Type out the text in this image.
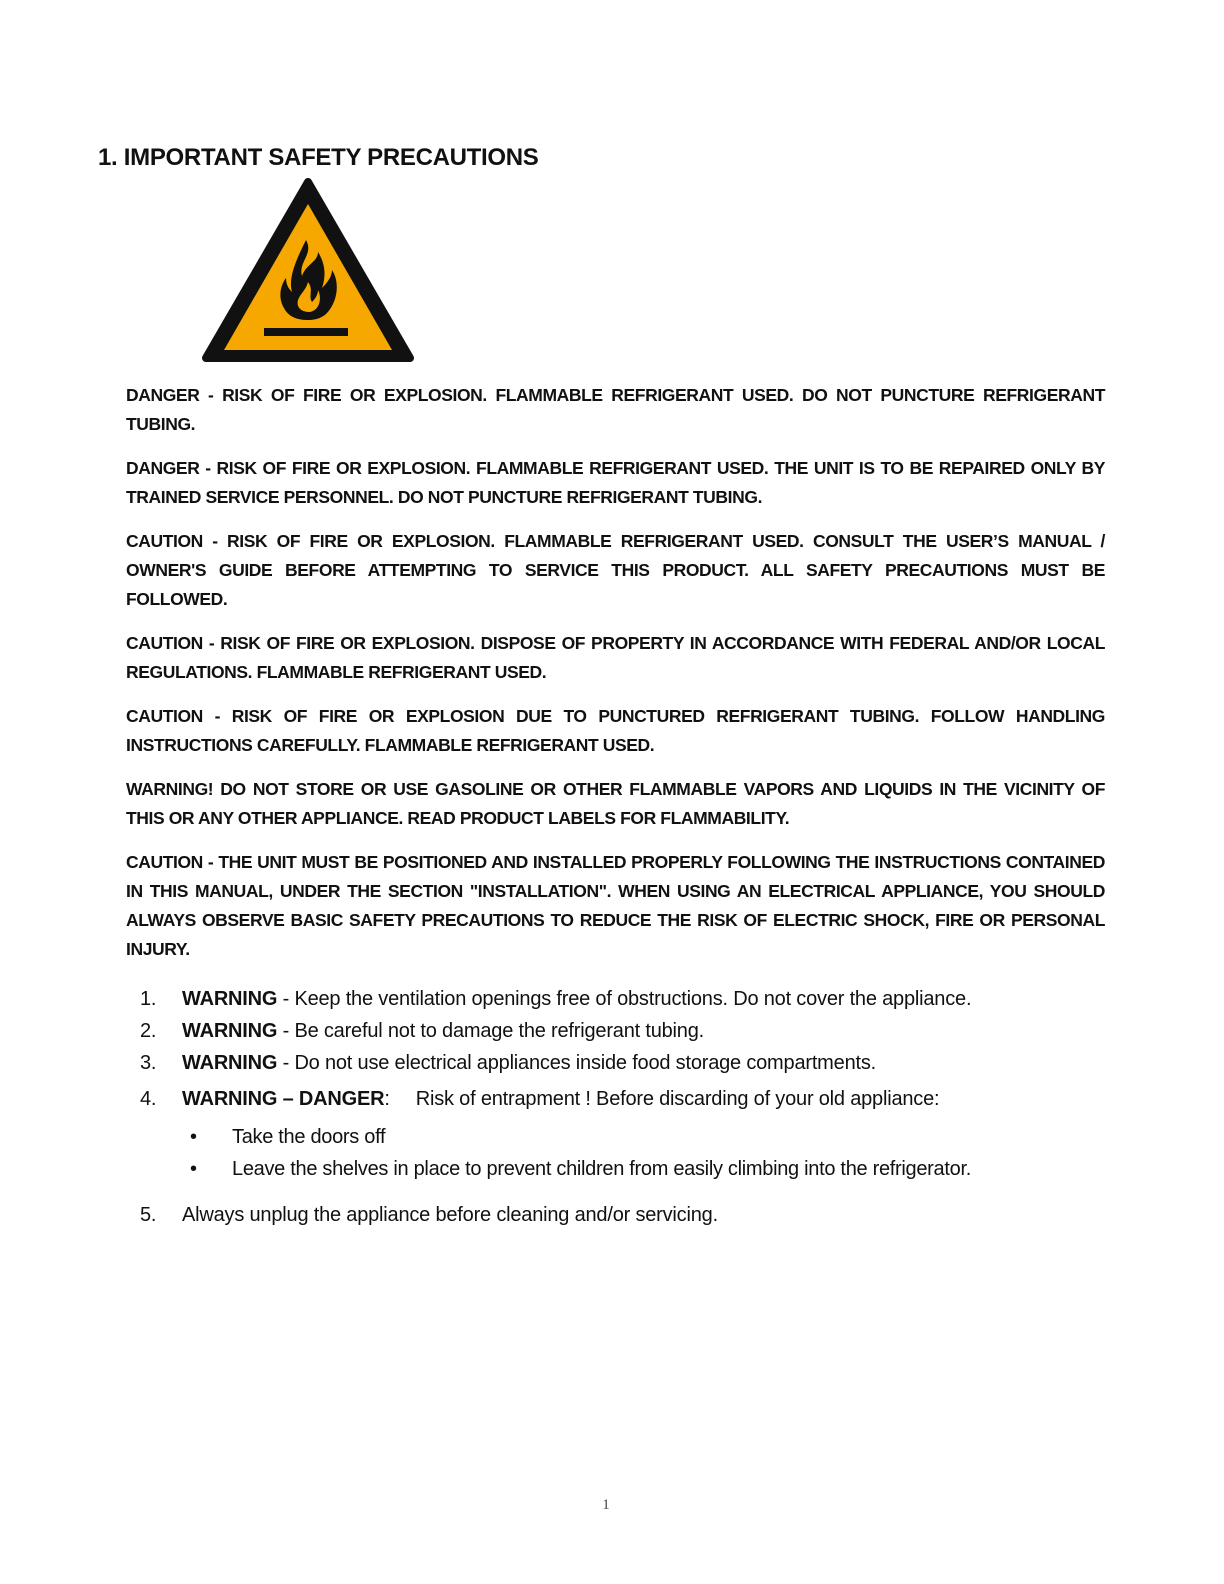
1. IMPORTANT SAFETY PRECAUTIONS

DANGER - RISK OF FIRE OR EXPLOSION. FLAMMABLE REFRIGERANT USED. DO NOT PUNCTURE REFRIGERANT TUBING.

DANGER - RISK OF FIRE OR EXPLOSION. FLAMMABLE REFRIGERANT USED. THE UNIT IS TO BE REPAIRED ONLY BY TRAINED SERVICE PERSONNEL. DO NOT PUNCTURE REFRIGERANT TUBING.

CAUTION - RISK OF FIRE OR EXPLOSION. FLAMMABLE REFRIGERANT USED. CONSULT THE USER’S MANUAL / OWNER'S GUIDE BEFORE ATTEMPTING TO SERVICE THIS PRODUCT. ALL SAFETY PRECAUTIONS MUST BE FOLLOWED.

CAUTION - RISK OF FIRE OR EXPLOSION. DISPOSE OF PROPERTY IN ACCORDANCE WITH FEDERAL AND/OR LOCAL REGULATIONS. FLAMMABLE REFRIGERANT USED.

CAUTION - RISK OF FIRE OR EXPLOSION DUE TO PUNCTURED REFRIGERANT TUBING. FOLLOW HANDLING INSTRUCTIONS CAREFULLY. FLAMMABLE REFRIGERANT USED.

WARNING! DO NOT STORE OR USE GASOLINE OR OTHER FLAMMABLE VAPORS AND LIQUIDS IN THE VICINITY OF THIS OR ANY OTHER APPLIANCE. READ PRODUCT LABELS FOR FLAMMABILITY.

CAUTION - THE UNIT MUST BE POSITIONED AND INSTALLED PROPERLY FOLLOWING THE INSTRUCTIONS CONTAINED IN THIS MANUAL, UNDER THE SECTION "INSTALLATION". WHEN USING AN ELECTRICAL APPLIANCE, YOU SHOULD ALWAYS OBSERVE BASIC SAFETY PRECAUTIONS TO REDUCE THE RISK OF ELECTRIC SHOCK, FIRE OR PERSONAL INJURY.

1.	WARNING - Keep the ventilation openings free of obstructions. Do not cover the appliance.
2.	WARNING - Be careful not to damage the refrigerant tubing.
3.	WARNING - Do not use electrical appliances inside food storage compartments.
4.	WARNING – DANGER: Risk of entrapment ! Before discarding of your old appliance:
•	Take the doors off
•	Leave the shelves in place to prevent children from easily climbing into the refrigerator.
5.	Always unplug the appliance before cleaning and/or servicing.
1
